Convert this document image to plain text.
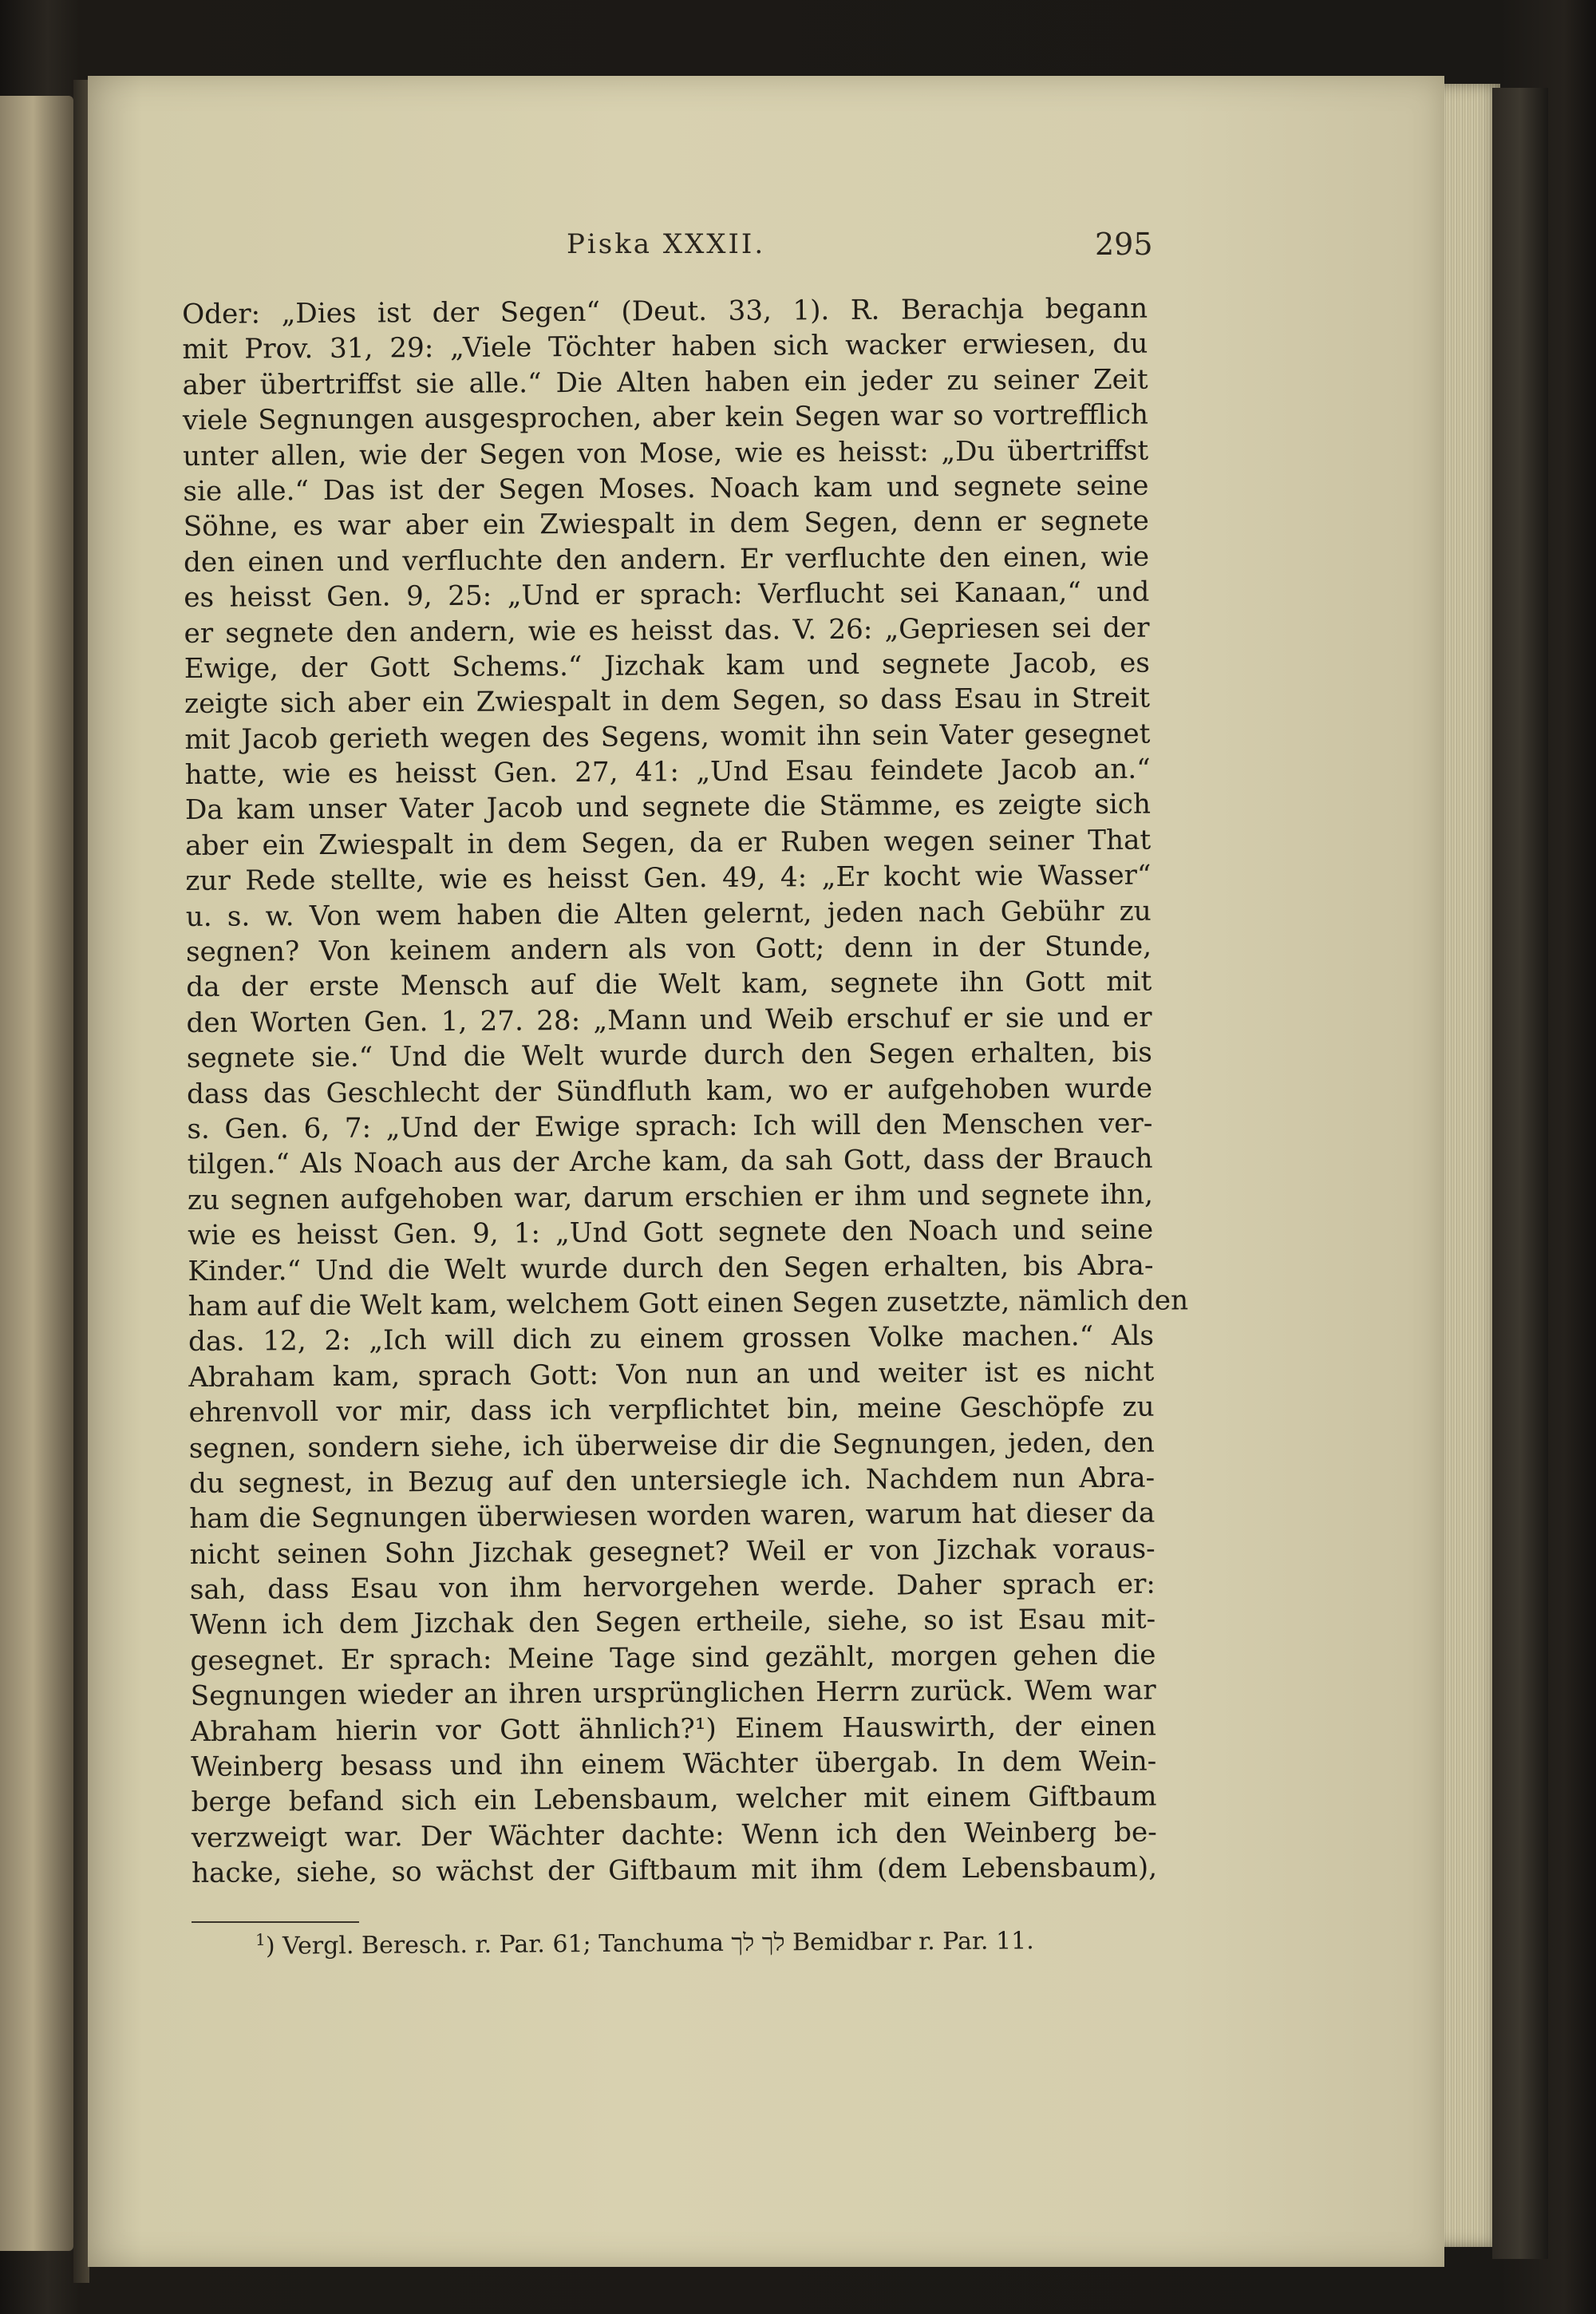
Piska XXXII.	295
Oder: „Dies ist der Segen“ (Deut. 33, 1). R. Berachja begann
mit Prov. 31, 29: „Viele Töchter haben sich wacker erwiesen, du
aber übertriffst sie alle.“ Die Alten haben ein jeder zu seiner Zeit
viele Segnungen ausgesprochen, aber kein Segen war so vortrefflich
unter allen, wie der Segen von Mose, wie es heisst: „Du übertriffst
sie alle.“ Das ist der Segen Moses. Noach kam und segnete seine
Söhne, es war aber ein Zwiespalt in dem Segen, denn er segnete
den einen und verfluchte den andern. Er verfluchte den einen, wie
es heisst Gen. 9, 25: „Und er sprach: Verflucht sei Kanaan,“ und
er segnete den andern, wie es heisst das. V. 26: „Gepriesen sei der
Ewige, der Gott Schems.“ Jizchak kam und segnete Jacob, es
zeigte sich aber ein Zwiespalt in dem Segen, so dass Esau in Streit
mit Jacob gerieth wegen des Segens, womit ihn sein Vater gesegnet
hatte, wie es heisst Gen. 27, 41: „Und Esau feindete Jacob an.“
Da kam unser Vater Jacob und segnete die Stämme, es zeigte sich
aber ein Zwiespalt in dem Segen, da er Ruben wegen seiner That
zur Rede stellte, wie es heisst Gen. 49, 4: „Er kocht wie Wasser“
u. s. w. Von wem haben die Alten gelernt, jeden nach Gebühr zu
segnen? Von keinem andern als von Gott; denn in der Stunde,
da der erste Mensch auf die Welt kam, segnete ihn Gott mit
den Worten Gen. 1, 27. 28: „Mann und Weib erschuf er sie und er
segnete sie.“ Und die Welt wurde durch den Segen erhalten, bis
dass das Geschlecht der Sündfluth kam, wo er aufgehoben wurde
s. Gen. 6, 7: „Und der Ewige sprach: Ich will den Menschen ver-
tilgen.“ Als Noach aus der Arche kam, da sah Gott, dass der Brauch
zu segnen aufgehoben war, darum erschien er ihm und segnete ihn,
wie es heisst Gen. 9, 1: „Und Gott segnete den Noach und seine
Kinder.“ Und die Welt wurde durch den Segen erhalten, bis Abra-
ham auf die Welt kam, welchem Gott einen Segen zusetzte, nämlich den
das. 12, 2: „Ich will dich zu einem grossen Volke machen.“ Als
Abraham kam, sprach Gott: Von nun an und weiter ist es nicht
ehrenvoll vor mir, dass ich verpflichtet bin, meine Geschöpfe zu
segnen, sondern siehe, ich überweise dir die Segnungen, jeden, den
du segnest, in Bezug auf den untersiegle ich. Nachdem nun Abra-
ham die Segnungen überwiesen worden waren, warum hat dieser da
nicht seinen Sohn Jizchak gesegnet? Weil er von Jizchak voraus-
sah, dass Esau von ihm hervorgehen werde. Daher sprach er:
Wenn ich dem Jizchak den Segen ertheile, siehe, so ist Esau mit-
gesegnet. Er sprach: Meine Tage sind gezählt, morgen gehen die
Segnungen wieder an ihren ursprünglichen Herrn zurück. Wem war
Abraham hierin vor Gott ähnlich?¹) Einem Hauswirth, der einen
Weinberg besass und ihn einem Wächter übergab. In dem Wein-
berge befand sich ein Lebensbaum, welcher mit einem Giftbaum
verzweigt war. Der Wächter dachte: Wenn ich den Weinberg be-
hacke, siehe, so wächst der Giftbaum mit ihm (dem Lebensbaum),
$^1$) Vergl. Beresch. r. Par. 61; Tanchuma לך לך Bemidbar r. Par. 11.
